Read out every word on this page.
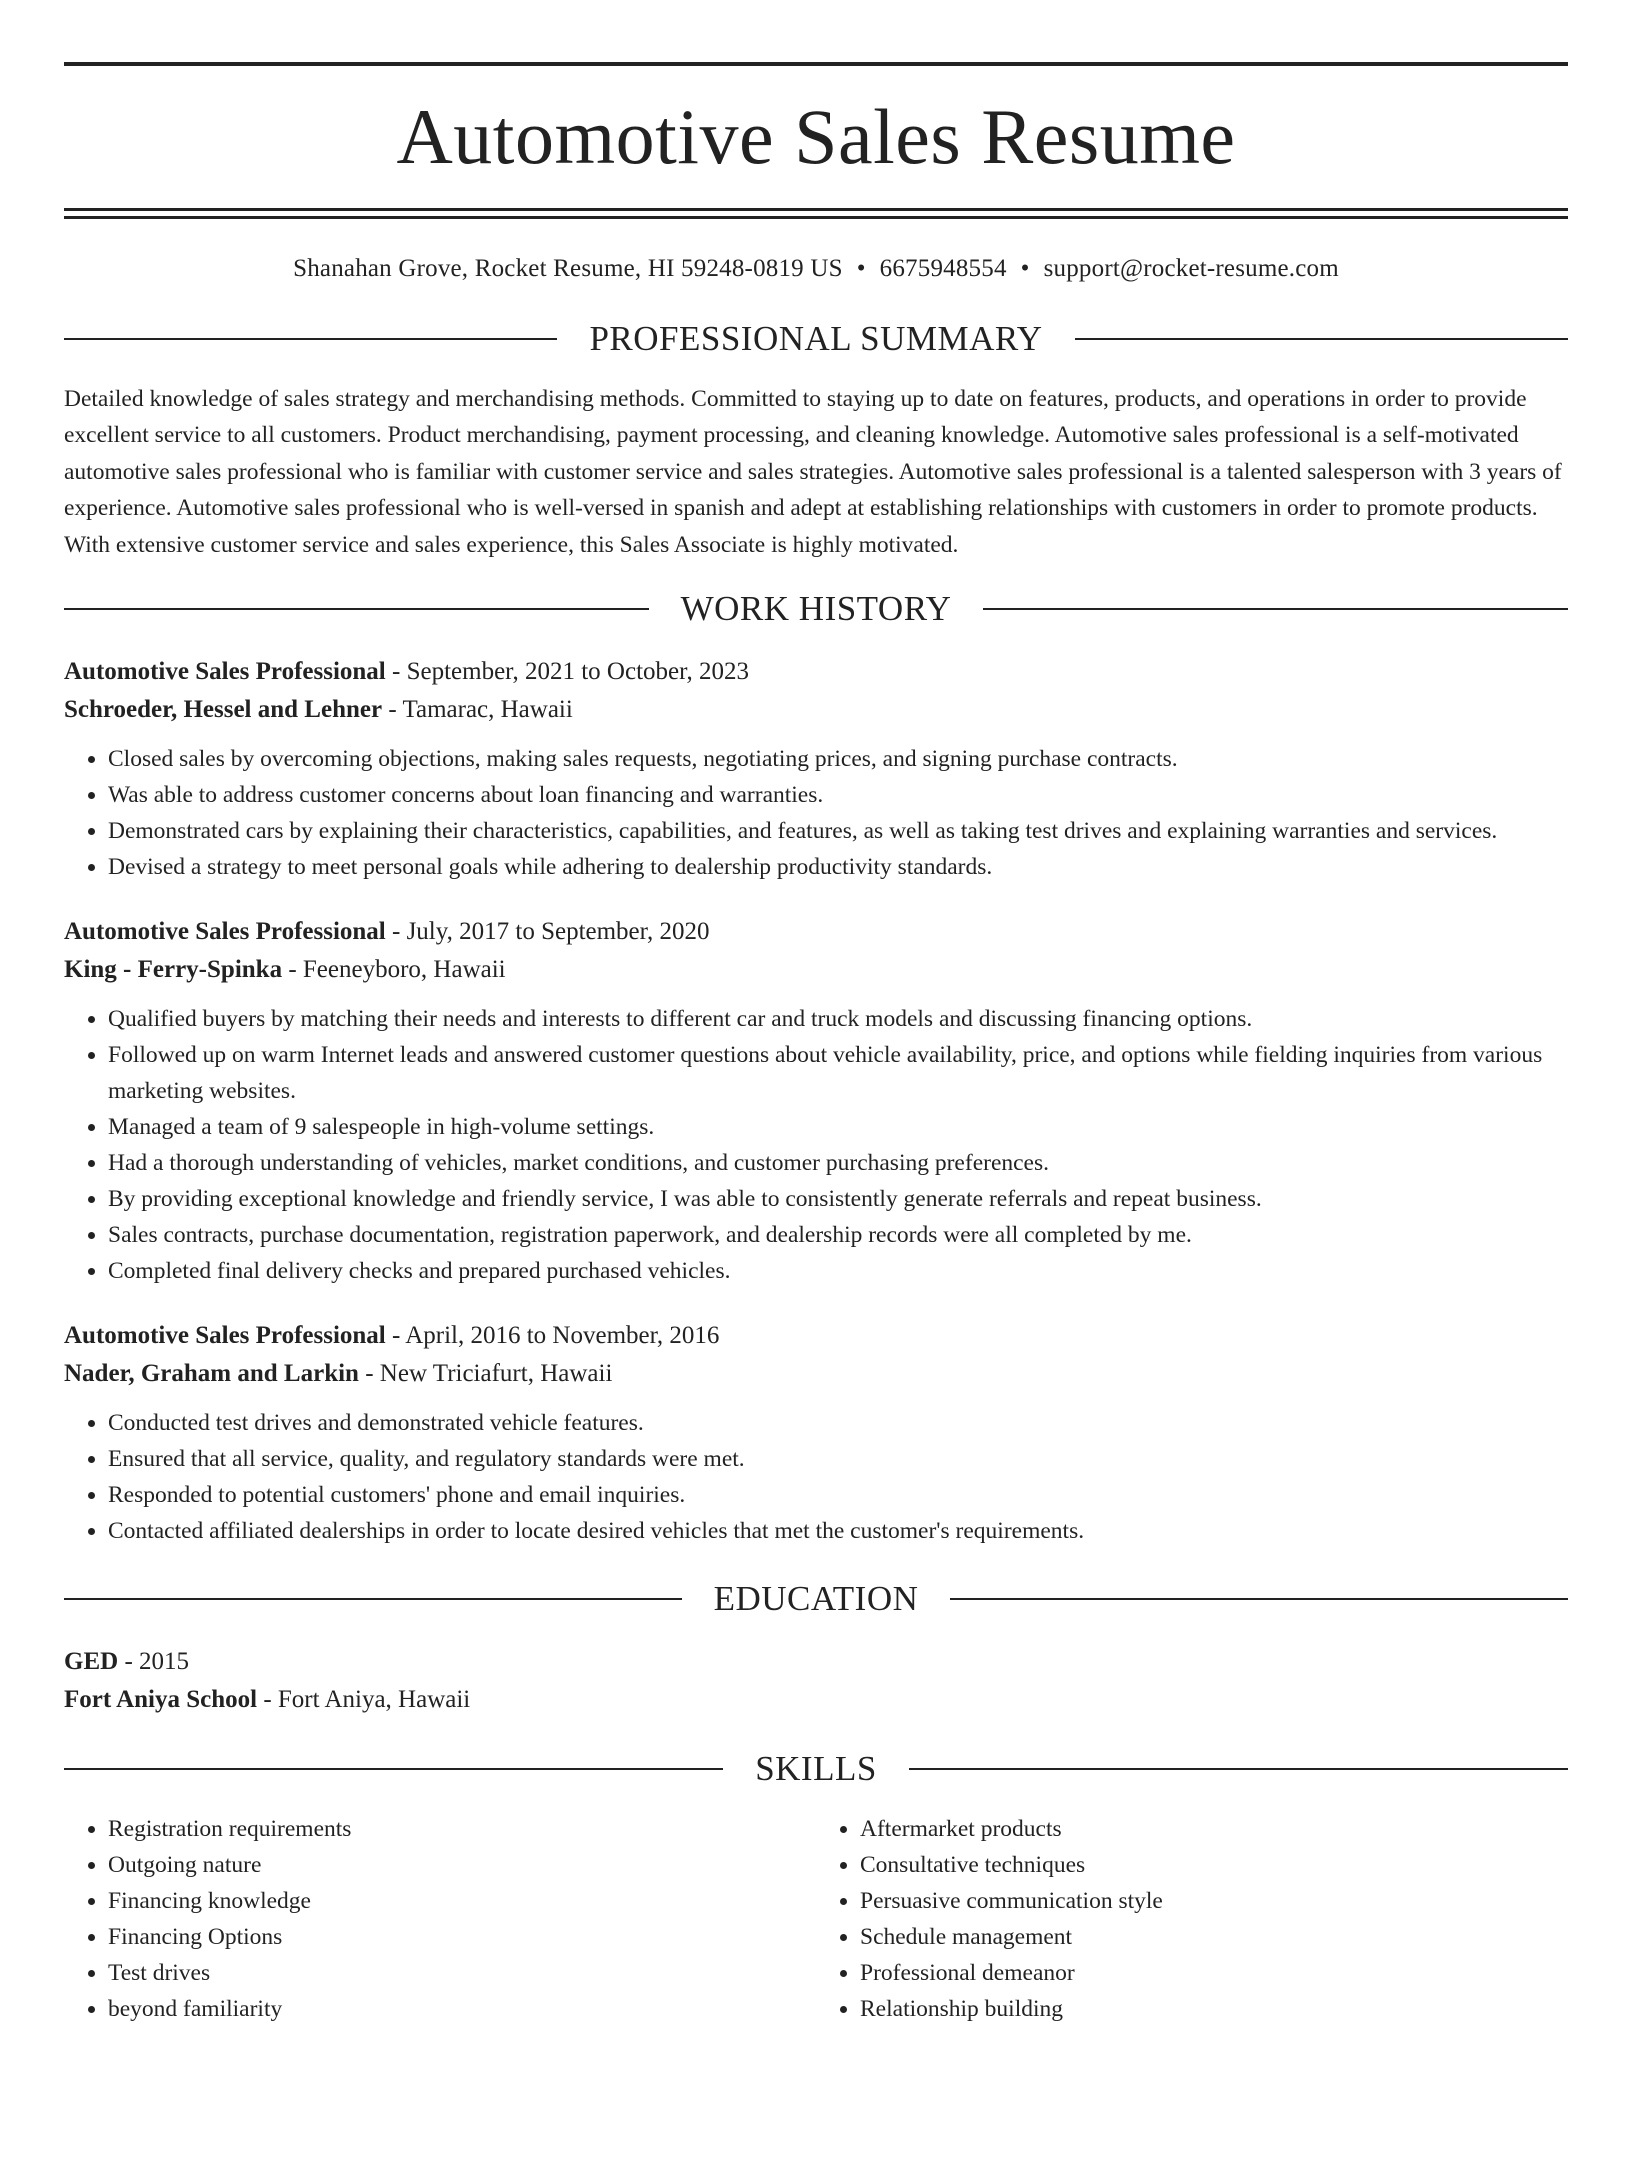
Automotive Sales Resume
Shanahan Grove, Rocket Resume, HI 59248-0819 US • 6675948554 • support@rocket-resume.com
PROFESSIONAL SUMMARY

Detailed knowledge of sales strategy and merchandising methods. Committed to staying up to date on features, products, and operations in order to provide excellent service to all customers. Product merchandising, payment processing, and cleaning knowledge. Automotive sales professional is a self-motivated automotive sales professional who is familiar with customer service and sales strategies. Automotive sales professional is a talented salesperson with 3 years of experience. Automotive sales professional who is well-versed in spanish and adept at establishing relationships with customers in order to promote products. With extensive customer service and sales experience, this Sales Associate is highly motivated.

WORK HISTORY
Automotive Sales Professional - September, 2021 to October, 2023
Schroeder, Hessel and Lehner - Tamarac, Hawaii
• Closed sales by overcoming objections, making sales requests, negotiating prices, and signing purchase contracts.
• Was able to address customer concerns about loan financing and warranties.
• Demonstrated cars by explaining their characteristics, capabilities, and features, as well as taking test drives and explaining warranties and services.
• Devised a strategy to meet personal goals while adhering to dealership productivity standards.
Automotive Sales Professional - July, 2017 to September, 2020
King - Ferry-Spinka - Feeneyboro, Hawaii
• Qualified buyers by matching their needs and interests to different car and truck models and discussing financing options.
• Followed up on warm Internet leads and answered customer questions about vehicle availability, price, and options while fielding inquiries from various marketing websites.
• Managed a team of 9 salespeople in high-volume settings.
• Had a thorough understanding of vehicles, market conditions, and customer purchasing preferences.
• By providing exceptional knowledge and friendly service, I was able to consistently generate referrals and repeat business.
• Sales contracts, purchase documentation, registration paperwork, and dealership records were all completed by me.
• Completed final delivery checks and prepared purchased vehicles.
Automotive Sales Professional - April, 2016 to November, 2016
Nader, Graham and Larkin - New Triciafurt, Hawaii
• Conducted test drives and demonstrated vehicle features.
• Ensured that all service, quality, and regulatory standards were met.
• Responded to potential customers' phone and email inquiries.
• Contacted affiliated dealerships in order to locate desired vehicles that met the customer's requirements.
EDUCATION
GED - 2015
Fort Aniya School - Fort Aniya, Hawaii
SKILLS
• Registration requirements
• Outgoing nature
• Financing knowledge
• Financing Options
• Test drives
• beyond familiarity
• Aftermarket products
• Consultative techniques
• Persuasive communication style
• Schedule management
• Professional demeanor
• Relationship building
